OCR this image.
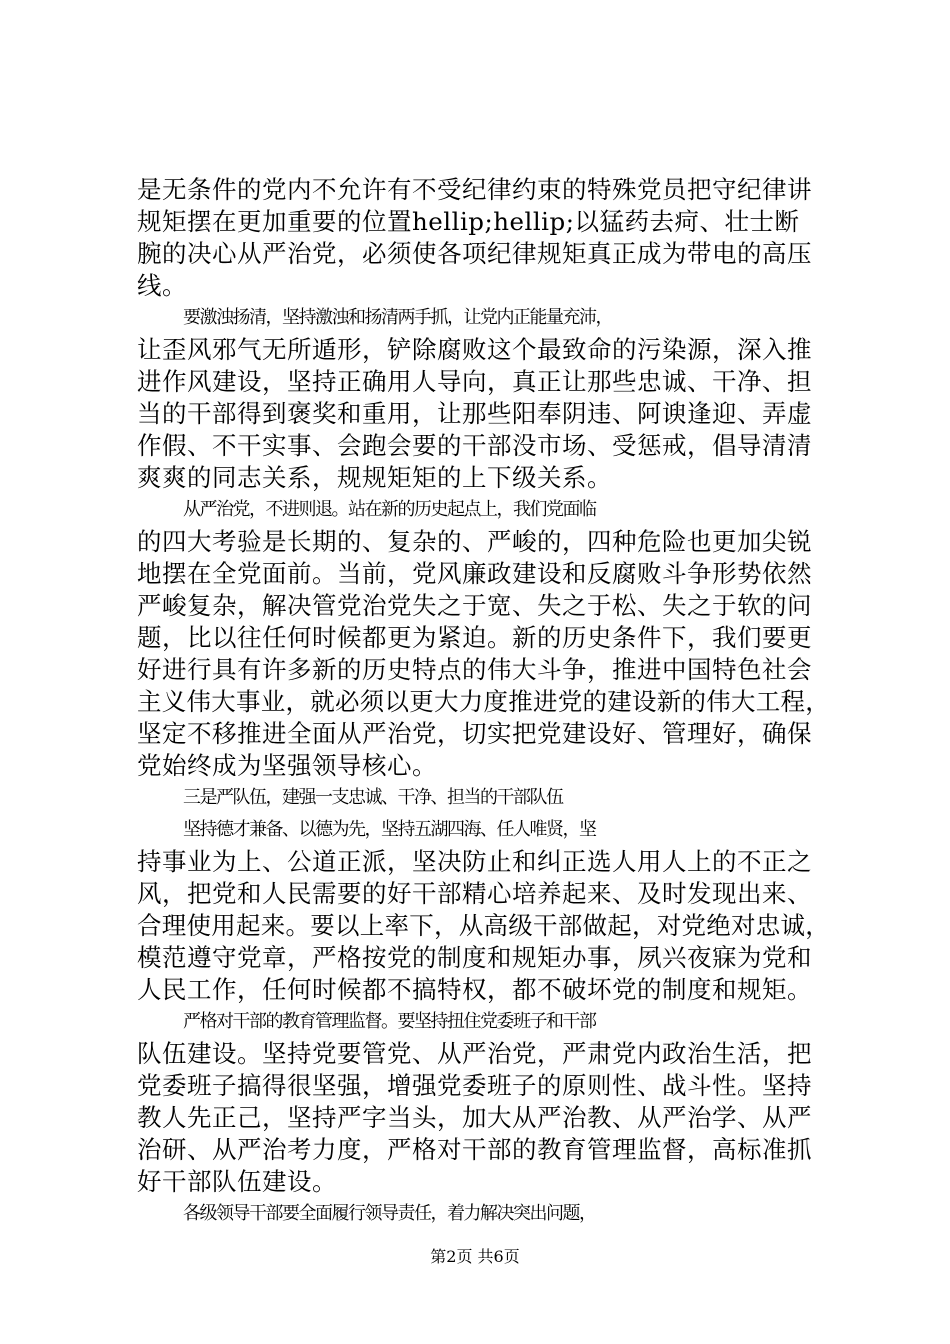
是无条件的党内不允许有不受纪律约束的特殊党员把守纪律讲
规矩摆在更加重要的位置hellip;hellip;以猛药去疴、壮士断
腕的决心从严治党，必须使各项纪律规矩真正成为带电的高压
线。
要激浊扬清，坚持激浊和扬清两手抓，让党内正能量充沛，
让歪风邪气无所遁形，铲除腐败这个最致命的污染源，深入推
进作风建设，坚持正确用人导向，真正让那些忠诚、干净、担
当的干部得到褒奖和重用，让那些阳奉阴违、阿谀逢迎、弄虚
作假、不干实事、会跑会要的干部没市场、受惩戒，倡导清清
爽爽的同志关系，规规矩矩的上下级关系。
从严治党，不进则退。站在新的历史起点上，我们党面临
的四大考验是长期的、复杂的、严峻的，四种危险也更加尖锐
地摆在全党面前。当前，党风廉政建设和反腐败斗争形势依然
严峻复杂，解决管党治党失之于宽、失之于松、失之于软的问
题，比以往任何时候都更为紧迫。新的历史条件下，我们要更
好进行具有许多新的历史特点的伟大斗争，推进中国特色社会
主义伟大事业，就必须以更大力度推进党的建设新的伟大工程，
坚定不移推进全面从严治党，切实把党建设好、管理好，确保
党始终成为坚强领导核心。
三是严队伍，建强一支忠诚、干净、担当的干部队伍
坚持德才兼备、以德为先，坚持五湖四海、任人唯贤，坚
持事业为上、公道正派，坚决防止和纠正选人用人上的不正之
风，把党和人民需要的好干部精心培养起来、及时发现出来、
合理使用起来。要以上率下，从高级干部做起，对党绝对忠诚，
模范遵守党章，严格按党的制度和规矩办事，夙兴夜寐为党和
人民工作，任何时候都不搞特权，都不破坏党的制度和规矩。
严格对干部的教育管理监督。要坚持扭住党委班子和干部
队伍建设。坚持党要管党、从严治党，严肃党内政治生活，把
党委班子搞得很坚强，增强党委班子的原则性、战斗性。坚持
教人先正己，坚持严字当头，加大从严治教、从严治学、从严
治研、从严治考力度，严格对干部的教育管理监督，高标准抓
好干部队伍建设。
各级领导干部要全面履行领导责任，着力解决突出问题，
第2页 共6页
